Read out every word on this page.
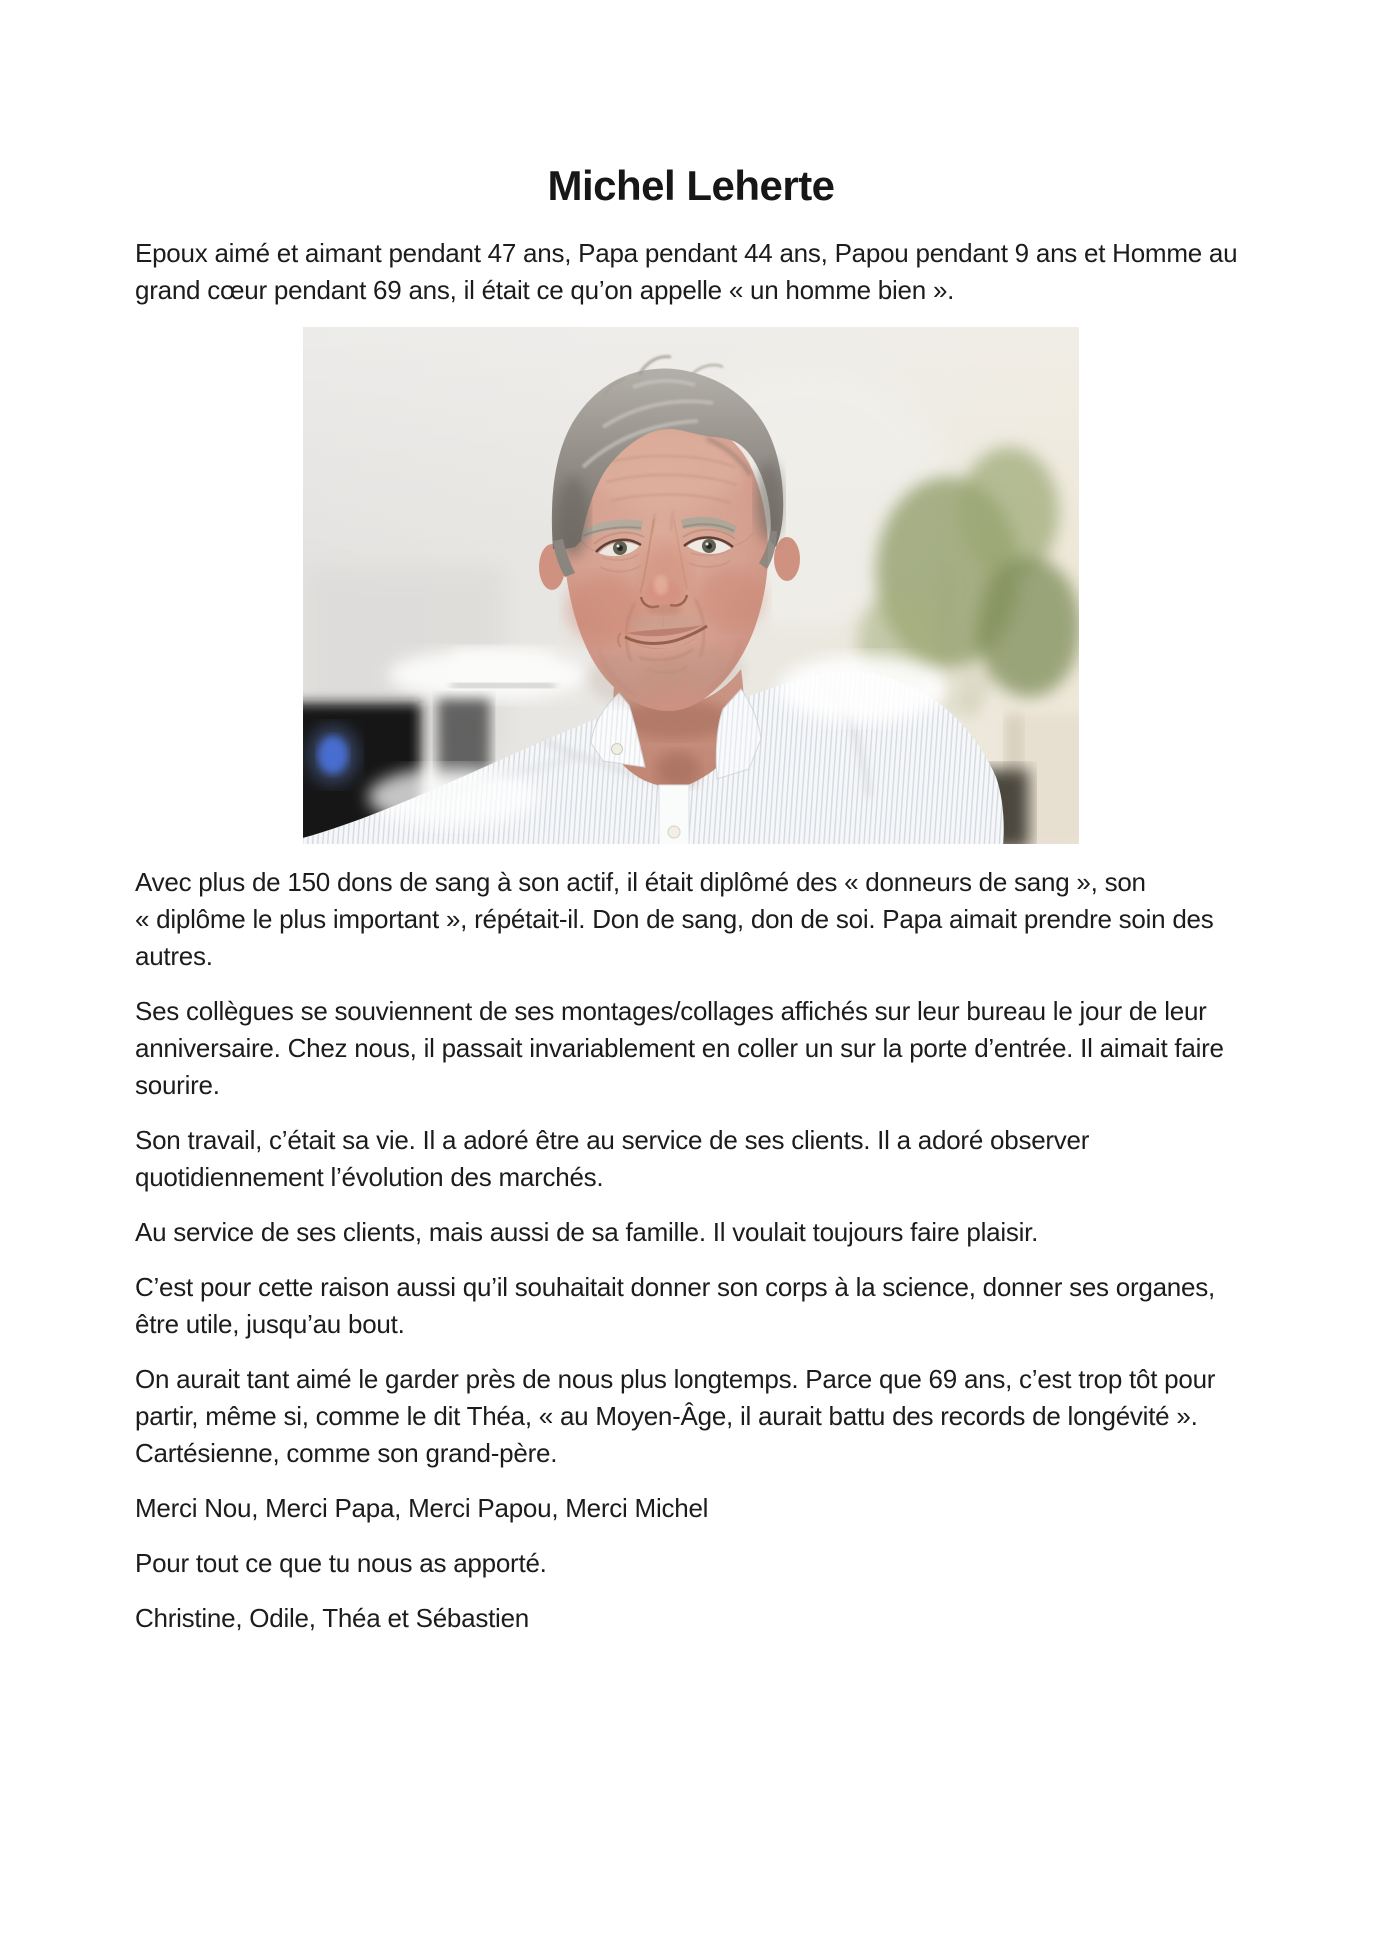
Michel Leherte

Epoux aimé et aimant pendant 47 ans, Papa pendant 44 ans, Papou pendant 9 ans et Homme au grand cœur pendant 69 ans, il était ce qu’on appelle « un homme bien ».

Avec plus de 150 dons de sang à son actif, il était diplômé des « donneurs de sang », son « diplôme le plus important », répétait-il. Don de sang, don de soi. Papa aimait prendre soin des autres.

Ses collègues se souviennent de ses montages/collages affichés sur leur bureau le jour de leur anniversaire. Chez nous, il passait invariablement en coller un sur la porte d’entrée. Il aimait faire sourire.

Son travail, c’était sa vie. Il a adoré être au service de ses clients. Il a adoré observer quotidiennement l’évolution des marchés.

Au service de ses clients, mais aussi de sa famille. Il voulait toujours faire plaisir.

C’est pour cette raison aussi qu’il souhaitait donner son corps à la science, donner ses organes, être utile, jusqu’au bout.

On aurait tant aimé le garder près de nous plus longtemps. Parce que 69 ans, c’est trop tôt pour partir, même si, comme le dit Théa, « au Moyen-Âge, il aurait battu des records de longévité ».  Cartésienne, comme son grand-père.

Merci Nou, Merci Papa, Merci Papou, Merci Michel

Pour tout ce que tu nous as apporté.

Christine, Odile, Théa et Sébastien
